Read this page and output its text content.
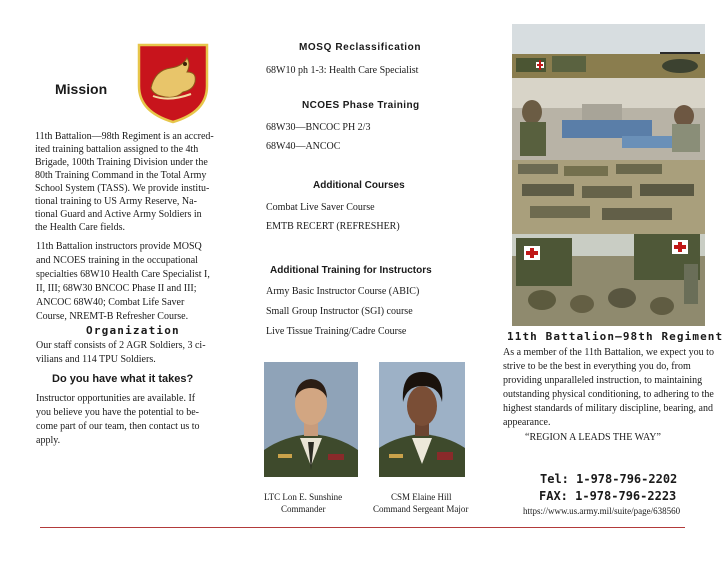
Mission
11th Battalion—98th Regiment is an accred-
ited training battalion assigned to the 4th
Brigade, 100th Training Division under the
80th Training Command in the Total Army
School System (TASS). We provide institu-
tional training to US Army Reserve, Na-
tional Guard and Active Army Soldiers in
the Health Care fields.
11th Battalion instructors provide MOSQ
and NCOES training in the occupational
specialties 68W10 Health Care Specialist I,
II, III; 68W30 BNCOC Phase II and III;
ANCOC 68W40; Combat Life Saver
Course, NREMT-B Refresher Course.
Organization
Our staff consists of 2 AGR Soldiers, 3 ci-
vilians and 114 TPU Soldiers.
Do you have what it takes?
Instructor opportunities are available. If
you believe you have the potential to be-
come part of our team, then contact us to
apply.
MOSQ Reclassification
68W10 ph 1-3: Health Care Specialist
NCOES Phase Training
68W30—BNCOC PH 2/3
68W40—ANCOC
Additional Courses
Combat Live Saver Course
EMTB RECERT (REFRESHER)
Additional Training for Instructors
Army Basic Instructor Course (ABIC)
Small Group Instructor (SGI) course
Live Tissue Training/Cadre Course
LTC Lon E. Sunshine
Commander
CSM Elaine Hill
Command Sergeant Major
11th Battalion—98th Regiment
As a member of the 11th Battalion, we expect you to
strive to be the best in everything you do, from
providing unparalleled instruction, to maintaining
outstanding physical conditioning, to adhering to the
highest standards of military discipline, bearing, and
appearance.
“REGION A LEADS THE WAY”
Tel: 1-978-796-2202
FAX: 1-978-796-2223
https://www.us.army.mil/suite/page/638560
